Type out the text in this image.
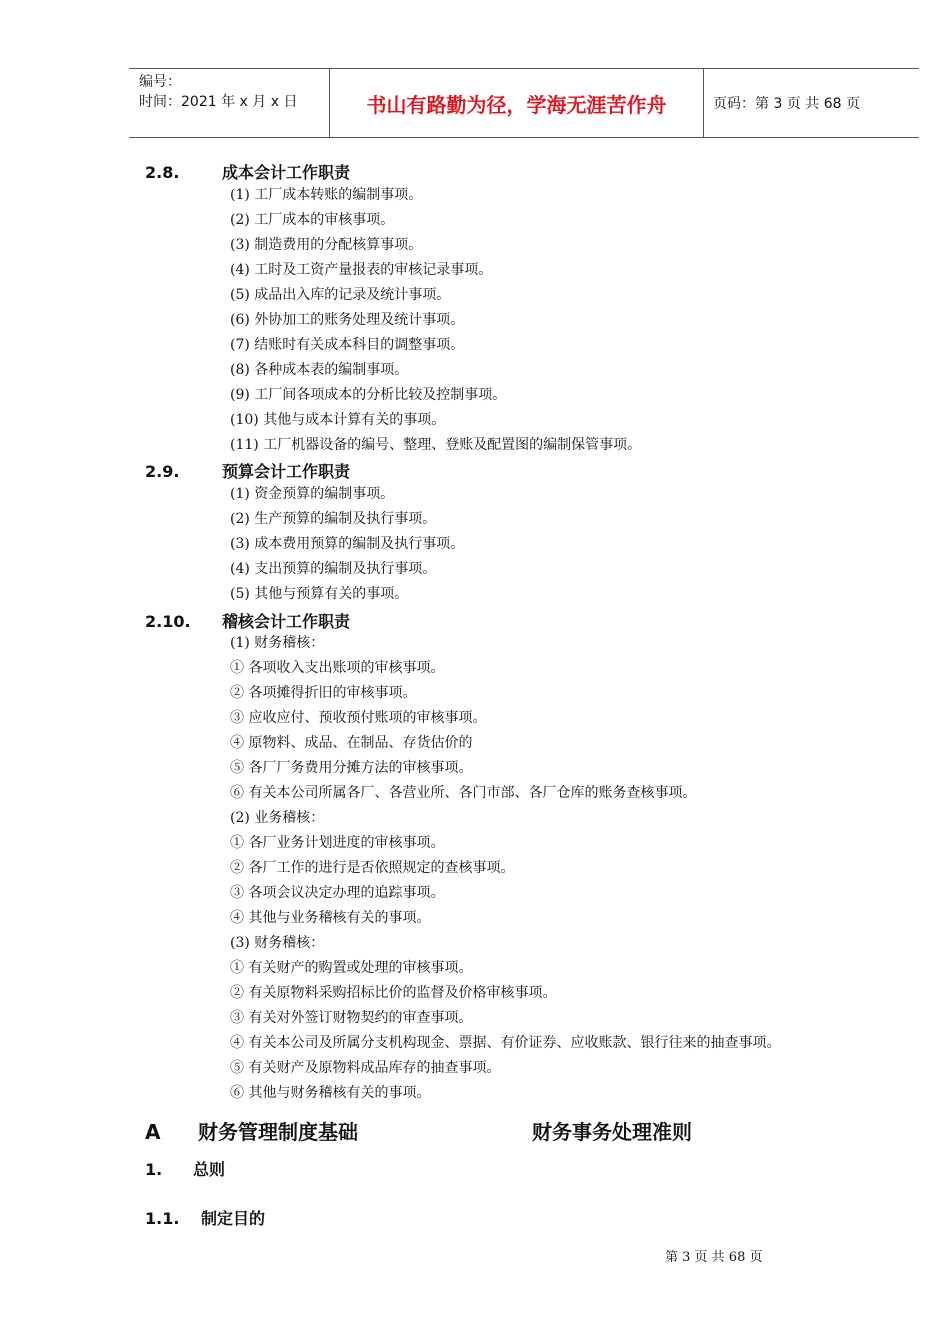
编号：
时间：2021 年 x 月 x 日	书山有路勤为径，学海无涯苦作舟	页码：第 3 页 共 68 页
2.8.	成本会计工作职责
(1) 工厂成本转账的编制事项。
(2) 工厂成本的审核事项。
(3) 制造费用的分配核算事项。
(4) 工时及工资产量报表的审核记录事项。
(5) 成品出入库的记录及统计事项。
(6) 外协加工的账务处理及统计事项。
(7) 结账时有关成本科目的调整事项。
(8) 各种成本表的编制事项。
(9) 工厂间各项成本的分析比较及控制事项。
(10) 其他与成本计算有关的事项。
(11) 工厂机器设备的编号、整理、登账及配置图的编制保管事项。
2.9.	预算会计工作职责
(1) 资金预算的编制事项。
(2) 生产预算的编制及执行事项。
(3) 成本费用预算的编制及执行事项。
(4) 支出预算的编制及执行事项。
(5) 其他与预算有关的事项。
2.10. 稽核会计工作职责
(1) 财务稽核：
① 各项收入支出账项的审核事项。
② 各项摊得折旧的审核事项。
③ 应收应付、预收预付账项的审核事项。
④ 原物料、成品、在制品、存货估价的
⑤ 各厂厂务费用分摊方法的审核事项。
⑥ 有关本公司所属各厂、各营业所、各门市部、各厂仓库的账务查核事项。
(2) 业务稽核：
① 各厂业务计划进度的审核事项。
② 各厂工作的进行是否依照规定的查核事项。
③ 各项会议决定办理的追踪事项。
④ 其他与业务稽核有关的事项。
(3) 财务稽核：
① 有关财产的购置或处理的审核事项。
② 有关原物料采购招标比价的监督及价格审核事项。
③ 有关对外签订财物契约的审查事项。
④ 有关本公司及所属分支机构现金、票据、有价证券、应收账款、银行往来的抽查事项。
⑤ 有关财产及原物料成品库存的抽查事项。
⑥ 其他与财务稽核有关的事项。
A 财务管理制度基础	财务事务处理准则
1. 总则
1.1. 制定目的
第 3 页 共 68 页
